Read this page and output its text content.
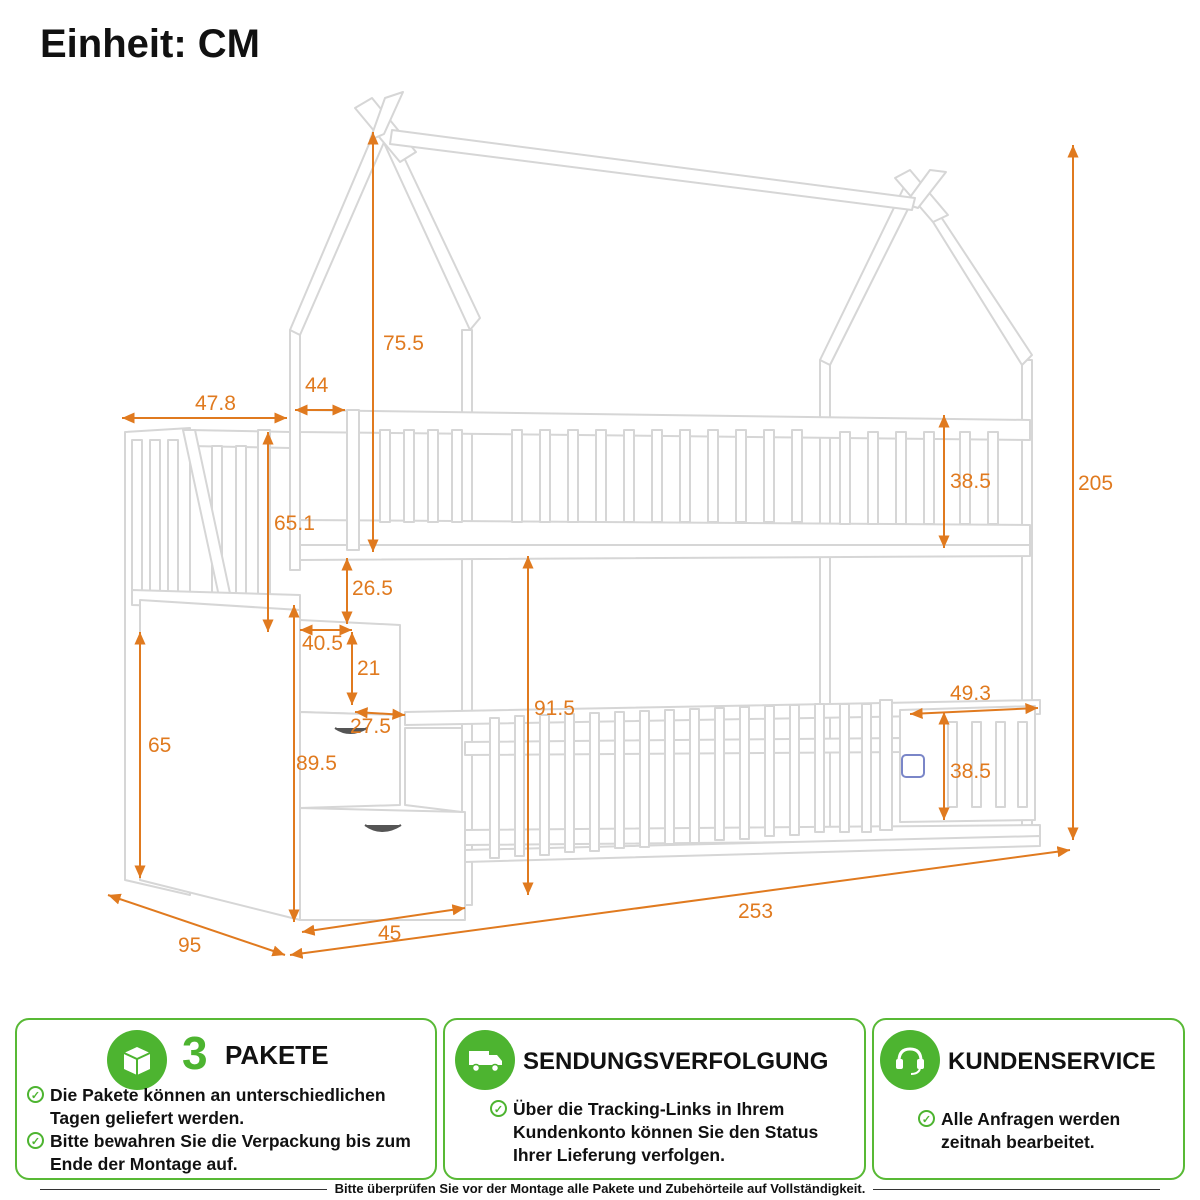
Einheit: CM
253
205
95
47.8
75.5
44
38.5
65.1
26.5
40.5
21
27.5
91.5
49.3
38.5
65
89.5
45
3 PAKETE
✓ Die Pakete können an unterschiedlichen Tagen geliefert werden.
✓ Bitte bewahren Sie die Verpackung bis zum Ende der Montage auf.
SENDUNGSVERFOLGUNG
✓ Über die Tracking-Links in Ihrem Kundenkonto können Sie den Status Ihrer Lieferung verfolgen.
KUNDENSERVICE
✓ Alle Anfragen werden zeitnah bearbeitet.

Bitte überprüfen Sie vor der Montage alle Pakete und Zubehörteile auf Vollständigkeit.
